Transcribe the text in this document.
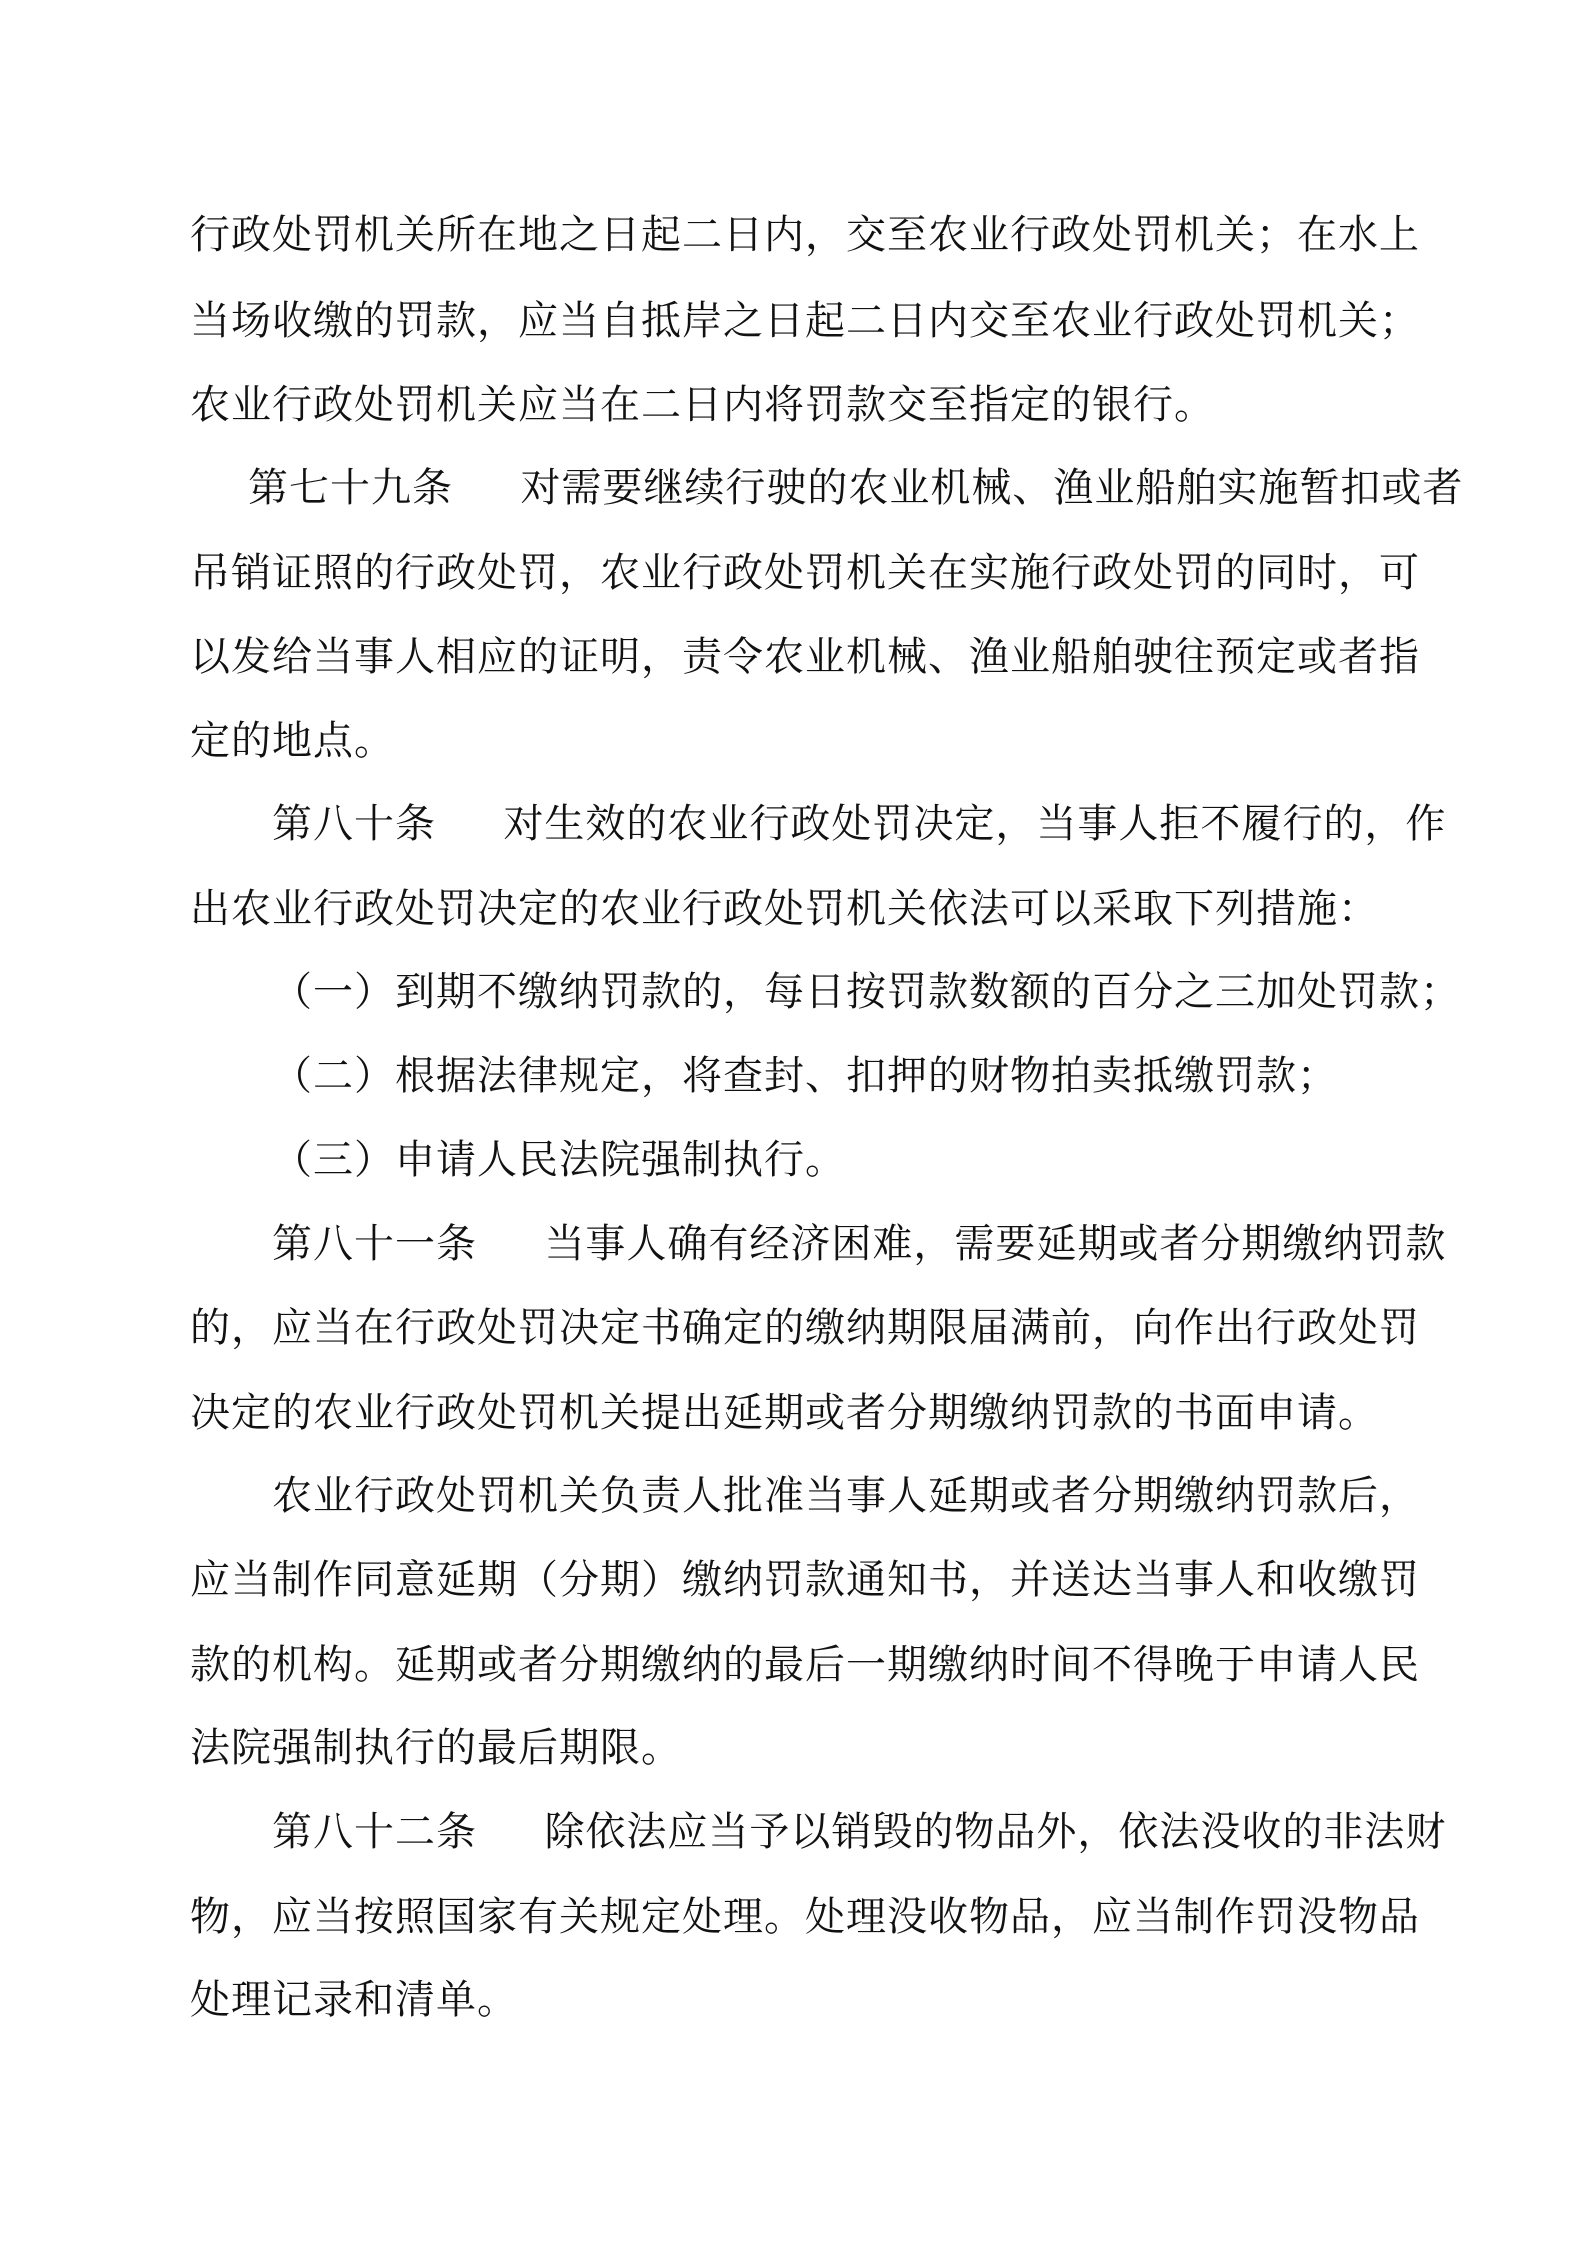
行政处罚机关所在地之日起二日内，交至农业行政处罚机关；在水上
当场收缴的罚款，应当自抵岸之日起二日内交至农业行政处罚机关；
农业行政处罚机关应当在二日内将罚款交至指定的银行。
第七十九条 对需要继续行驶的农业机械、渔业船舶实施暂扣或者
吊销证照的行政处罚，农业行政处罚机关在实施行政处罚的同时，可
以发给当事人相应的证明，责令农业机械、渔业船舶驶往预定或者指
定的地点。
第八十条 对生效的农业行政处罚决定，当事人拒不履行的，作
出农业行政处罚决定的农业行政处罚机关依法可以采取下列措施：
（一）到期不缴纳罚款的，每日按罚款数额的百分之三加处罚款；
（二）根据法律规定，将查封、扣押的财物拍卖抵缴罚款；
（三）申请人民法院强制执行。
第八十一条 当事人确有经济困难，需要延期或者分期缴纳罚款
的，应当在行政处罚决定书确定的缴纳期限届满前，向作出行政处罚
决定的农业行政处罚机关提出延期或者分期缴纳罚款的书面申请。
农业行政处罚机关负责人批准当事人延期或者分期缴纳罚款后，
应当制作同意延期（分期）缴纳罚款通知书，并送达当事人和收缴罚
款的机构。延期或者分期缴纳的最后一期缴纳时间不得晚于申请人民
法院强制执行的最后期限。
第八十二条 除依法应当予以销毁的物品外，依法没收的非法财
物，应当按照国家有关规定处理。处理没收物品，应当制作罚没物品
处理记录和清单。
